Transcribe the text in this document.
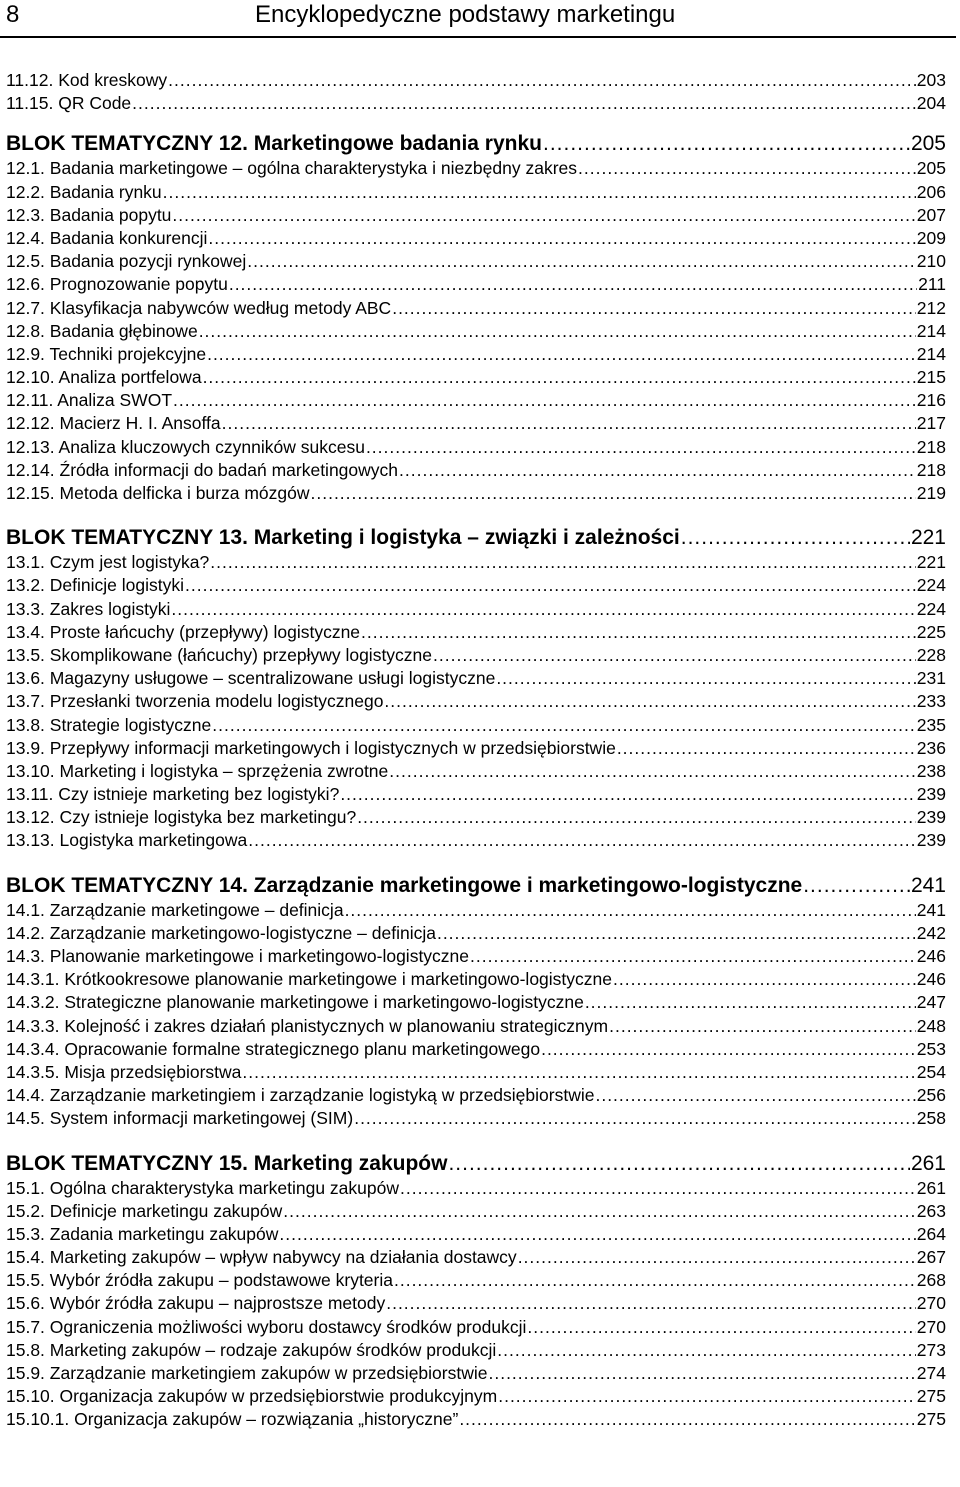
8	Encyklopedyczne podstawy marketingu
11.12. Kod kreskowy .....	203
11.15. QR Code .....	204
BLOK TEMATYCZNY 12. Marketingowe badania rynku .....	205
12.1. Badania marketingowe – ogólna charakterystyka i niezbędny zakres .....	205
12.2. Badania rynku .....	206
12.3. Badania popytu .....	207
12.4. Badania konkurencji .....	209
12.5. Badania pozycji rynkowej .....	210
12.6. Prognozowanie popytu .....	211
12.7. Klasyfikacja nabywców według metody ABC .....	212
12.8. Badania głębinowe .....	214
12.9. Techniki projekcyjne .....	214
12.10. Analiza portfelowa .....	215
12.11. Analiza SWOT .....	216
12.12. Macierz H. I. Ansoffa .....	217
12.13. Analiza kluczowych czynników sukcesu .....	218
12.14. Źródła informacji do badań marketingowych .....	218
12.15. Metoda delficka i burza mózgów .....	219
BLOK TEMATYCZNY 13. Marketing i logistyka – związki i zależności .....	221
13.1. Czym jest logistyka? .....	221
13.2. Definicje logistyki .....	224
13.3. Zakres logistyki .....	224
13.4. Proste łańcuchy (przepływy) logistyczne .....	225
13.5. Skomplikowane (łańcuchy) przepływy logistyczne .....	228
13.6. Magazyny usługowe – scentralizowane usługi logistyczne .....	231
13.7. Przesłanki tworzenia modelu logistycznego .....	233
13.8. Strategie logistyczne .....	235
13.9. Przepływy informacji marketingowych i logistycznych w przedsiębiorstwie .....	236
13.10. Marketing i logistyka – sprzężenia zwrotne .....	238
13.11. Czy istnieje marketing bez logistyki? .....	239
13.12. Czy istnieje logistyka bez marketingu? .....	239
13.13. Logistyka marketingowa .....	239
BLOK TEMATYCZNY 14. Zarządzanie marketingowe i marketingowo-logistyczne .....	241
14.1. Zarządzanie marketingowe – definicja .....	241
14.2. Zarządzanie marketingowo-logistyczne – definicja .....	242
14.3. Planowanie marketingowe i marketingowo-logistyczne .....	246
14.3.1. Krótkookresowe planowanie marketingowe i marketingowo-logistyczne .....	246
14.3.2. Strategiczne planowanie marketingowe i marketingowo-logistyczne .....	247
14.3.3. Kolejność i zakres działań planistycznych w planowaniu strategicznym .....	248
14.3.4. Opracowanie formalne strategicznego planu marketingowego .....	253
14.3.5. Misja przedsiębiorstwa .....	254
14.4. Zarządzanie marketingiem i zarządzanie logistyką w przedsiębiorstwie .....	256
14.5. System informacji marketingowej (SIM) .....	258
BLOK TEMATYCZNY 15. Marketing zakupów .....	261
15.1. Ogólna charakterystyka marketingu zakupów .....	261
15.2. Definicje marketingu zakupów .....	263
15.3. Zadania marketingu zakupów .....	264
15.4. Marketing zakupów – wpływ nabywcy na działania dostawcy .....	267
15.5. Wybór źródła zakupu – podstawowe kryteria .....	268
15.6. Wybór źródła zakupu – najprostsze metody .....	270
15.7. Ograniczenia możliwości wyboru dostawcy środków produkcji .....	270
15.8. Marketing zakupów – rodzaje zakupów środków produkcji .....	273
15.9. Zarządzanie marketingiem zakupów w przedsiębiorstwie .....	274
15.10. Organizacja zakupów w przedsiębiorstwie produkcyjnym .....	275
15.10.1. Organizacja zakupów – rozwiązania „historyczne” .....	275
